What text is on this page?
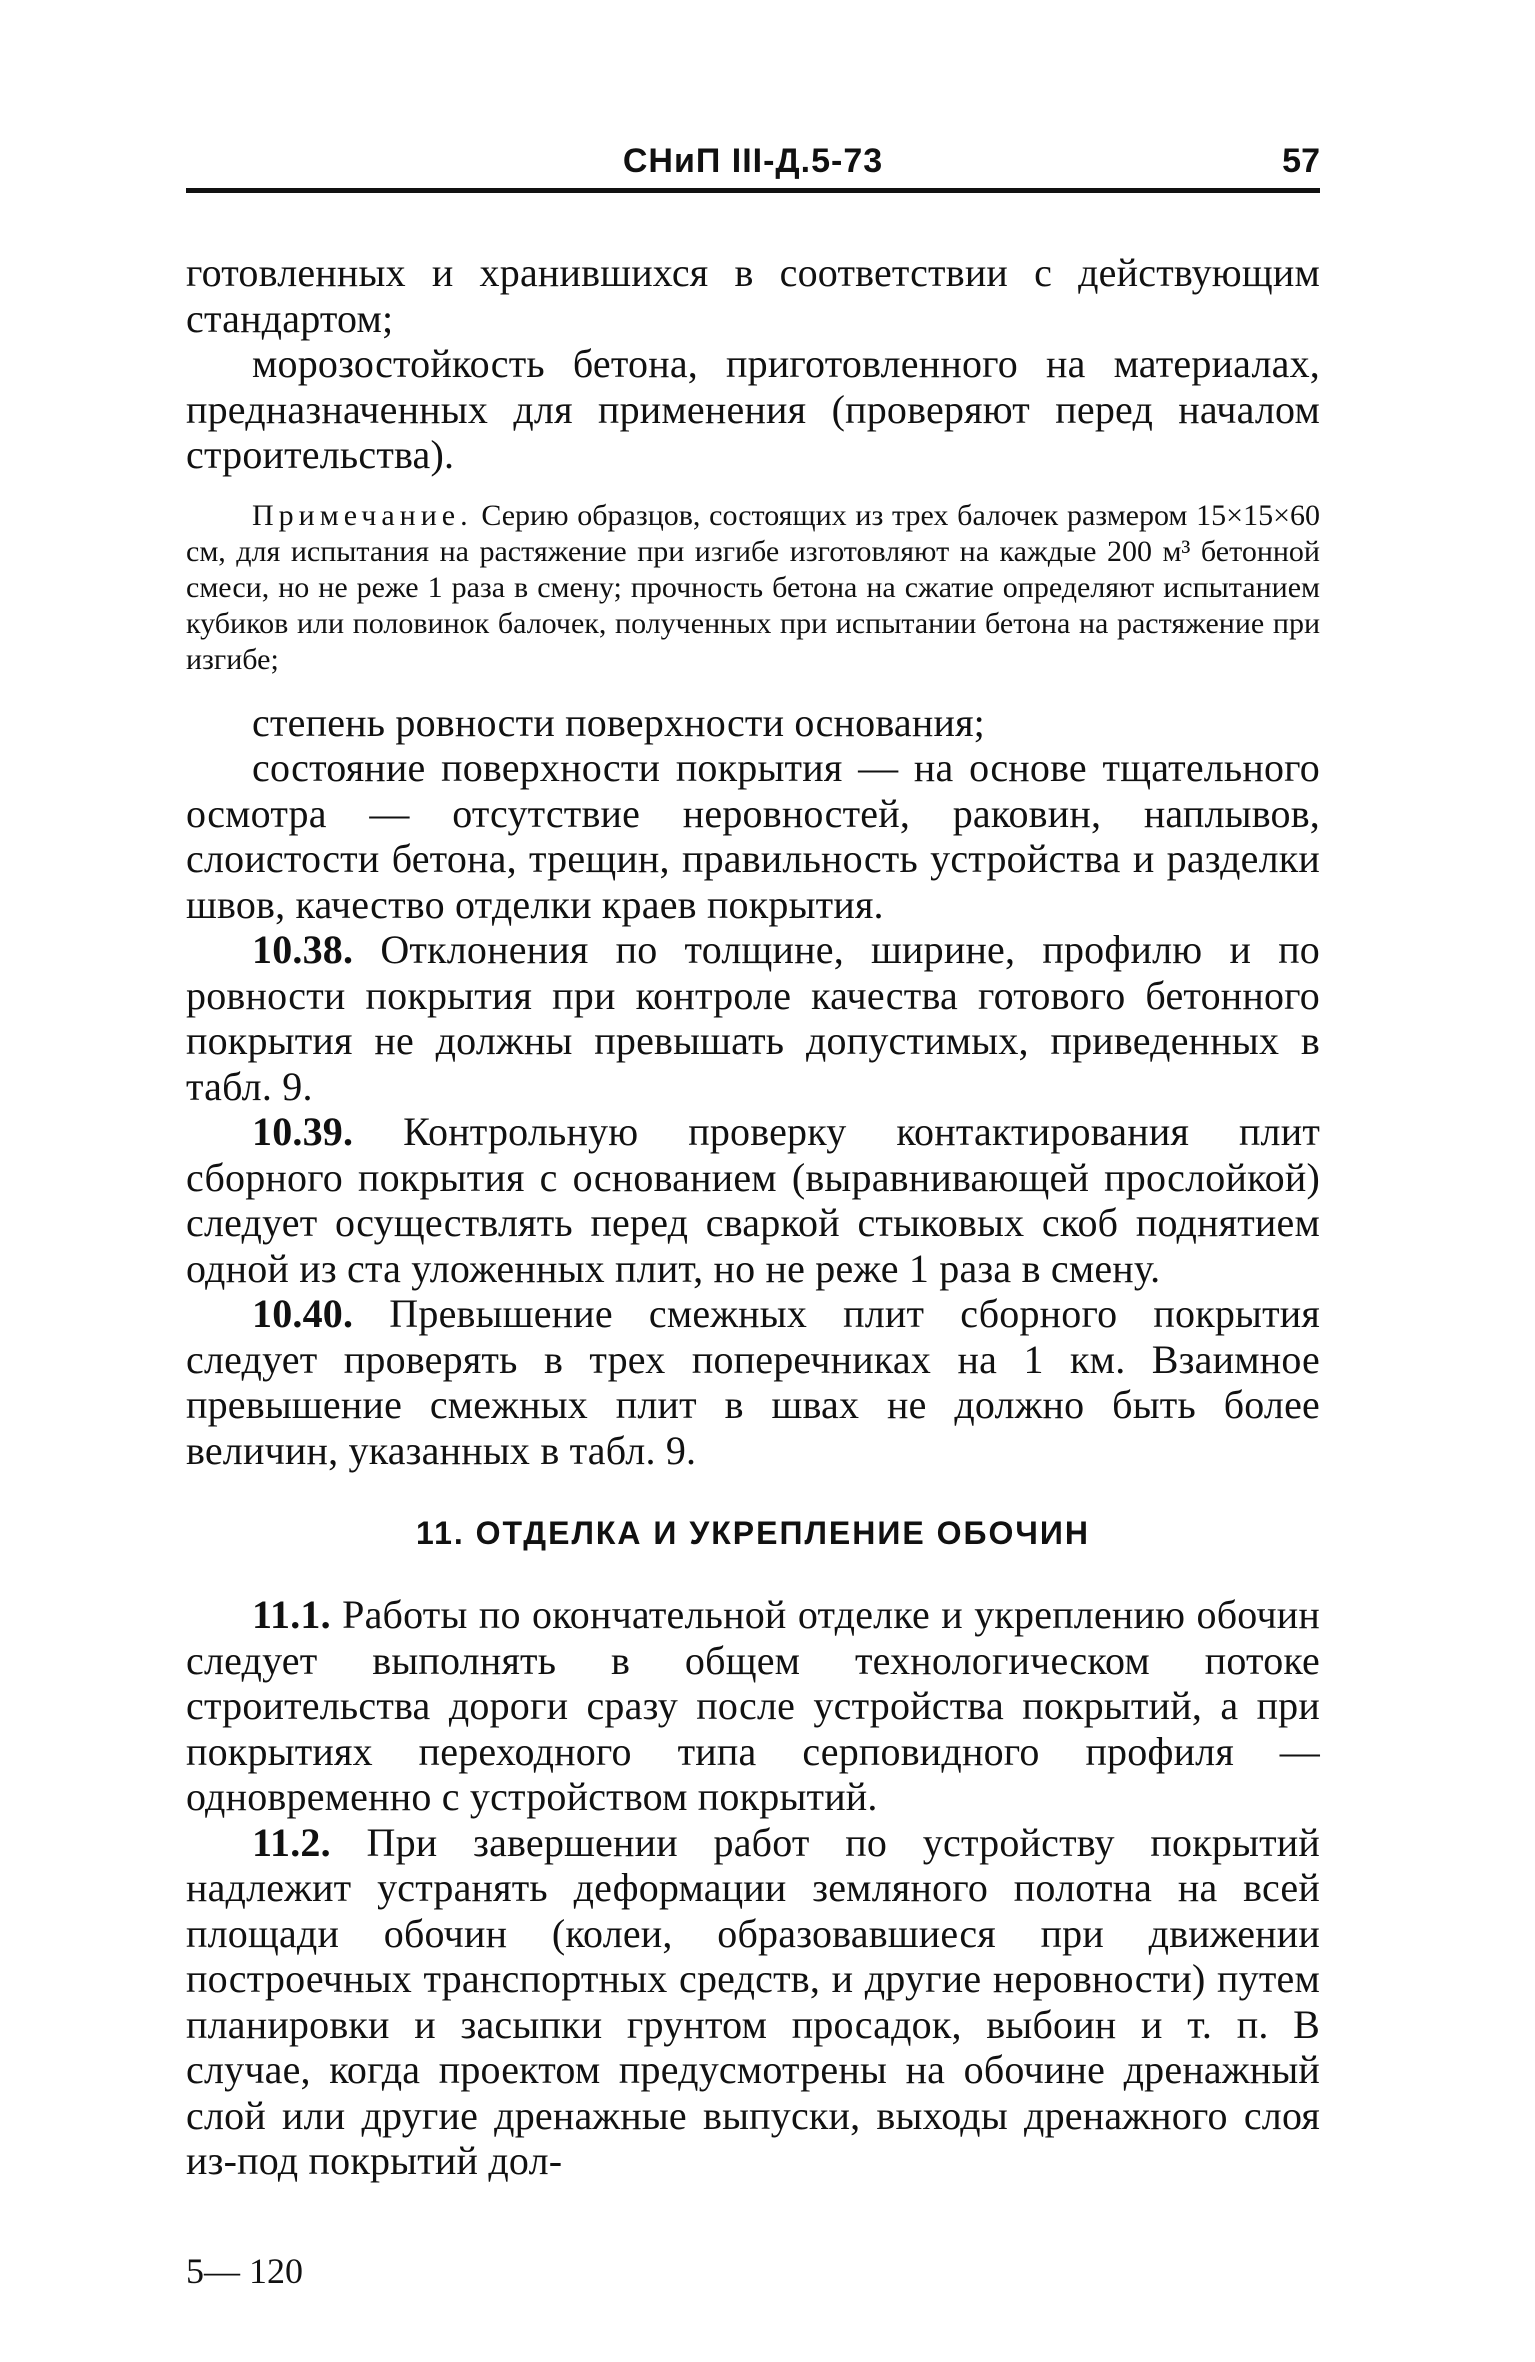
СНиП III-Д.5-73	57

готовленных и хранившихся в соответствии с действующим стандартом;

морозостойкость бетона, приготовленного на материалах, предназначенных для применения (проверяют перед началом строительства).

Примечание. Серию образцов, состоящих из трех балочек размером 15×15×60 см, для испытания на растяжение при изгибе изготовляют на каждые 200 м³ бетонной смеси, но не реже 1 раза в смену; прочность бетона на сжатие определяют испытанием кубиков или половинок балочек, полученных при испытании бетона на растяжение при изгибе;

степень ровности поверхности основания;

состояние поверхности покрытия — на основе тщательного осмотра — отсутствие неровностей, раковин, наплывов, слоистости бетона, трещин, правильность устройства и разделки швов, качество отделки краев покрытия.

10.38. Отклонения по толщине, ширине, профилю и по ровности покрытия при контроле качества готового бетонного покрытия не должны превышать допустимых, приведенных в табл. 9.

10.39. Контрольную проверку контактирования плит сборного покрытия с основанием (выравнивающей прослойкой) следует осуществлять перед сваркой стыковых скоб поднятием одной из ста уложенных плит, но не реже 1 раза в смену.

10.40. Превышение смежных плит сборного покрытия следует проверять в трех поперечниках на 1 км. Взаимное превышение смежных плит в швах не должно быть более величин, указанных в табл. 9.

11. ОТДЕЛКА И УКРЕПЛЕНИЕ ОБОЧИН

11.1. Работы по окончательной отделке и укреплению обочин следует выполнять в общем технологическом потоке строительства дороги сразу после устройства покрытий, а при покрытиях переходного типа серповидного профиля — одновременно с устройством покрытий.

11.2. При завершении работ по устройству покрытий надлежит устранять деформации земляного полотна на всей площади обочин (колеи, образовавшиеся при движении построечных транспортных средств, и другие неровности) путем планировки и засыпки грунтом просадок, выбоин и т. п. В случае, когда проектом предусмотрены на обочине дренажный слой или другие дренажные выпуски, выходы дренажного слоя из-под покрытий дол-

5— 120
